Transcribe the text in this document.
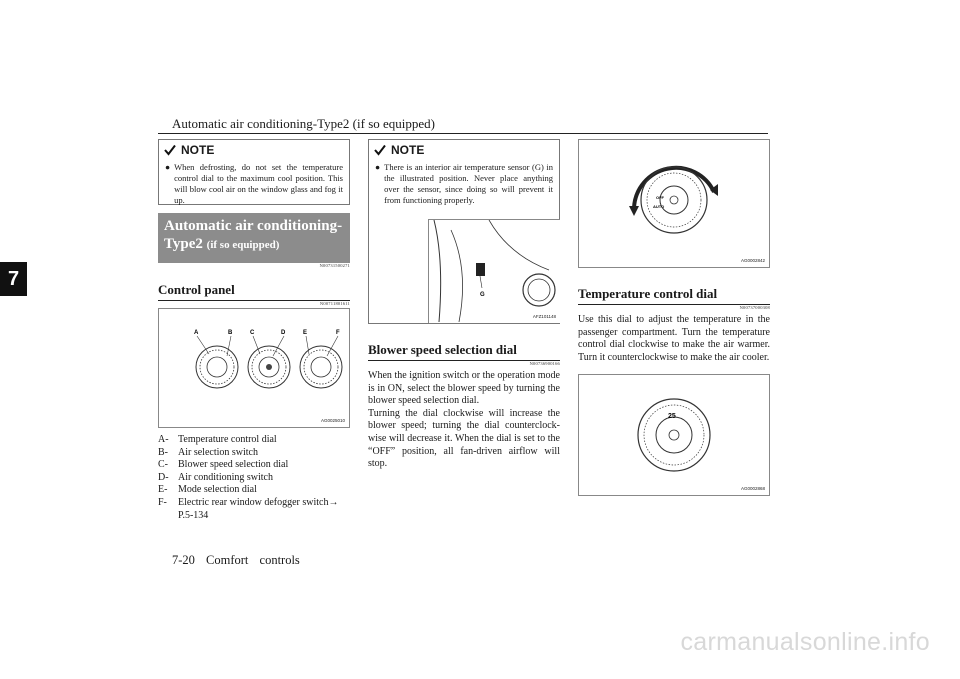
Automatic air conditioning-Type2 (if so equipped)
7
NOTE
● When defrosting, do not set the temperature control dial to the maximum cool position. This will blow cool air on the window glass and fog it up.
Automatic air conditioning-Type2 (if so equipped)
N00731500271
Control panel
N00711801611
A	B	C	D	E	F
AG0025010
A- Temperature control dial
B-	Air selection switch
C-	Blower speed selection dial
D- Air conditioning switch
E-	Mode selection dial
F-	Electric rear window defogger switch→
P.5-134
NOTE
● There is an interior air temperature sensor (G) in the illustrated position. Never place anything over the sensor, since doing so will prevent it from functioning properly.
G
AFZ101148
Blower speed selection dial
N00736900166

When the ignition switch or the operation mode is in ON, select the blower speed by turning the blower speed selection dial.

Turning the dial clockwise will increase the blower speed; turning the dial counterclock-wise will decrease it. When the dial is set to the “OFF” position, all fan-driven airflow will stop.

OFF
AUTO
AG0002842
Temperature control dial
N00737000308

Use this dial to adjust the temperature in the passenger compartment. Turn the temperature control dial clockwise to make the air warmer. Turn it counterclockwise to make the air cooler.

25
AG0002868
7-20 Comfort controls
carmanualsonline.info
